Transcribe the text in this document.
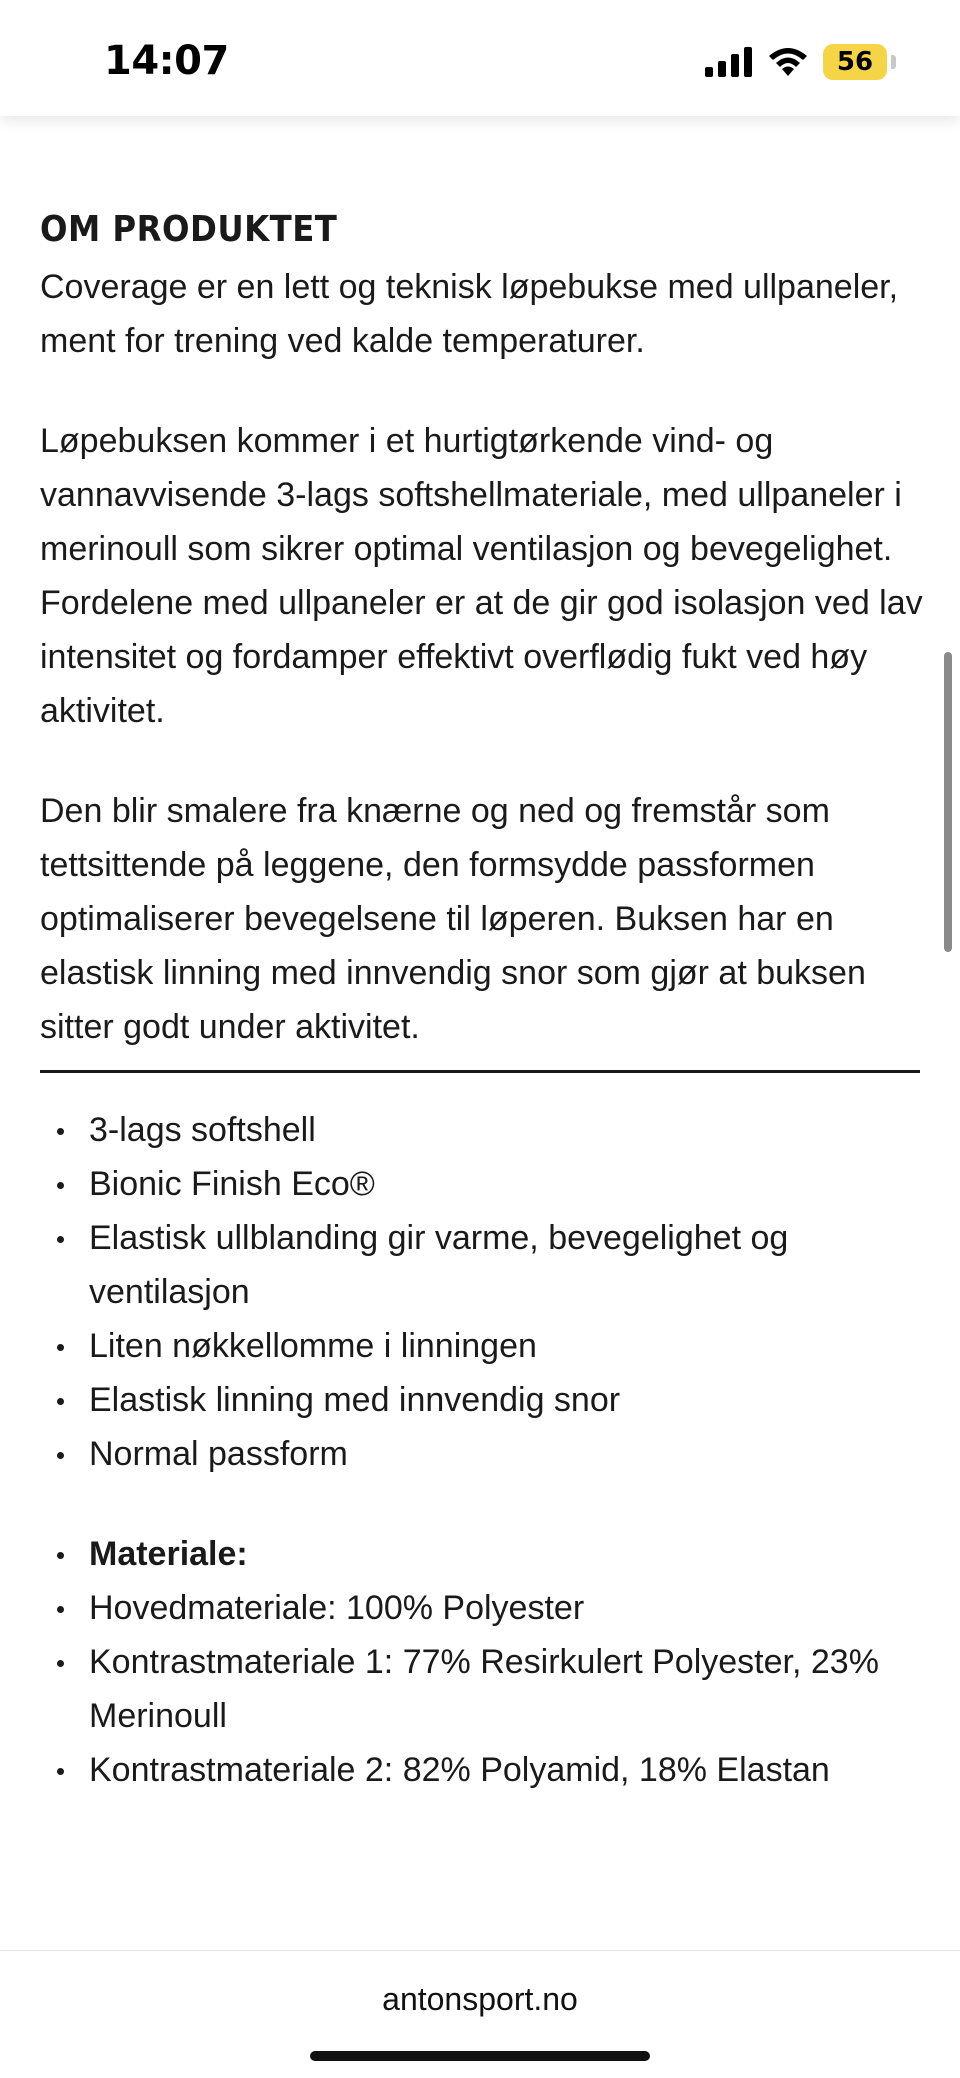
14:07	56
OM PRODUKTET

Coverage er en lett og teknisk løpebukse med ullpaneler, ment for trening ved kalde temperaturer.

Løpebuksen kommer i et hurtigtørkende vind- og vannavvisende 3-lags softshellmateriale, med ullpaneler i merinoull som sikrer optimal ventilasjon og bevegelighet. Fordelene med ullpaneler er at de gir god isolasjon ved lav intensitet og fordamper effektivt overflødig fukt ved høy aktivitet.

Den blir smalere fra knærne og ned og fremstår som tettsittende på leggene, den formsydde passformen optimaliserer bevegelsene til løperen. Buksen har en elastisk linning med innvendig snor som gjør at buksen sitter godt under aktivitet.

3-lags softshell
Bionic Finish Eco®
Elastisk ullblanding gir varme, bevegelighet og ventilasjon
Liten nøkkellomme i linningen
Elastisk linning med innvendig snor
Normal passform
Materiale:
Hovedmateriale: 100% Polyester
Kontrastmateriale 1: 77% Resirkulert Polyester, 23% Merinoull
Kontrastmateriale 2: 82% Polyamid, 18% Elastan
antonsport.no
